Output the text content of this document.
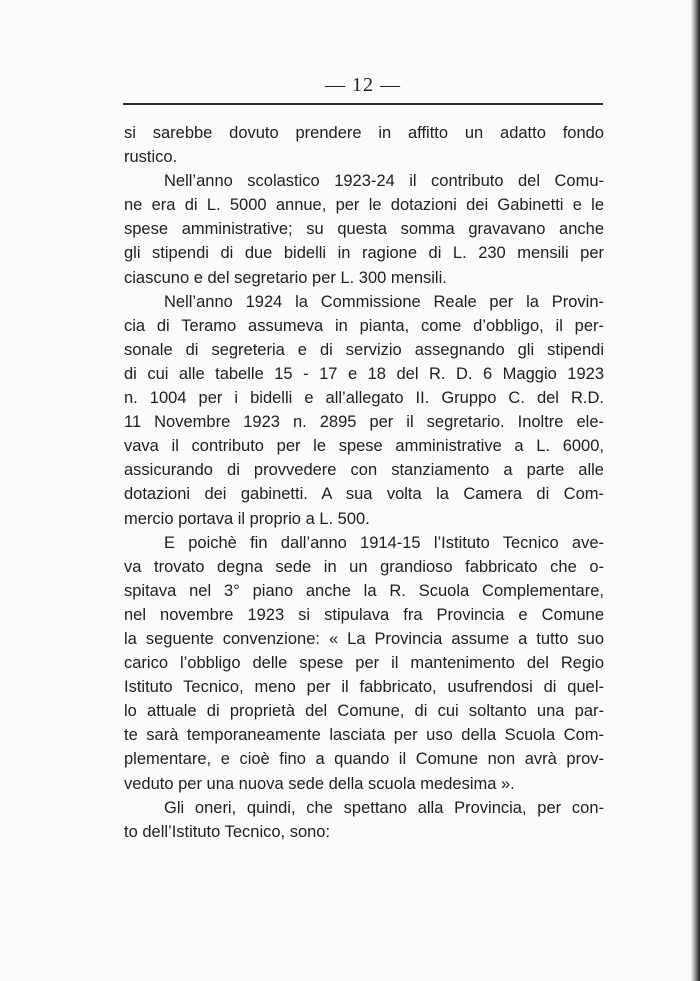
— 12 —
si sarebbe dovuto prendere in affitto un adatto fondo
rustico.
Nell’anno scolastico 1923-24 il contributo del Comu-
ne era di L. 5000 annue, per le dotazioni dei Gabinetti e le
spese amministrative; su questa somma gravavano anche
gli stipendi di due bidelli in ragione di L. 230 mensili per
ciascuno e del segretario per L. 300 mensili.
Nell’anno 1924 la Commissione Reale per la Provin-
cia di Teramo assumeva in pianta, come d’obbligo, il per-
sonale di segreteria e di servizio assegnando gli stipendi
di cui alle tabelle 15 - 17 e 18 del R. D. 6 Maggio 1923
n. 1004 per i bidelli e all’allegato II. Gruppo C. del R.D.
11 Novembre 1923 n. 2895 per il segretario. Inoltre ele-
vava il contributo per le spese amministrative a L. 6000,
assicurando di provvedere con stanziamento a parte alle
dotazioni dei gabinetti. A sua volta la Camera di Com-
mercio portava il proprio a L. 500.
E poichè fin dall’anno 1914-15 l’Istituto Tecnico ave-
va trovato degna sede in un grandioso fabbricato che o-
spitava nel 3° piano anche la R. Scuola Complementare,
nel novembre 1923 si stipulava fra Provincia e Comune
la seguente convenzione: « La Provincia assume a tutto suo
carico l’obbligo delle spese per il mantenimento del Regio
Istituto Tecnico, meno per il fabbricato, usufrendosi di quel-
lo attuale di proprietà del Comune, di cui soltanto una par-
te sarà temporaneamente lasciata per uso della Scuola Com-
plementare, e cioè fino a quando il Comune non avrà prov-
veduto per una nuova sede della scuola medesima ».
Gli oneri, quindi, che spettano alla Provincia, per con-
to dell’Istituto Tecnico, sono:
